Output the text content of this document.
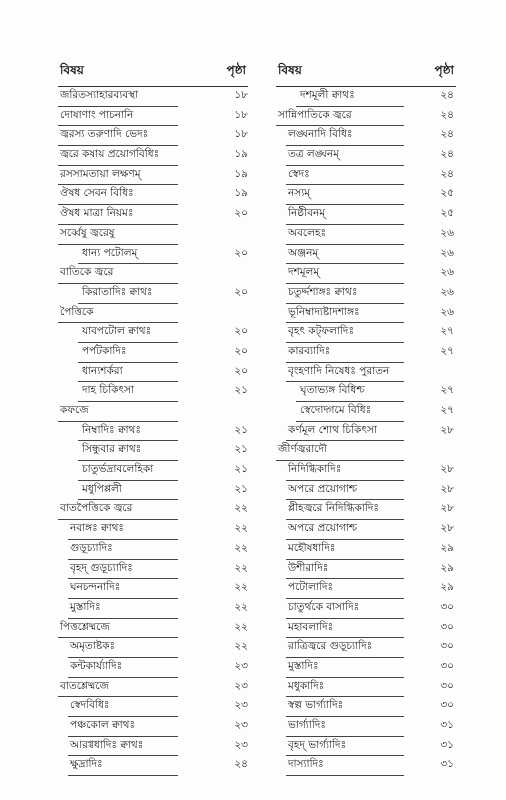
বিষয়	পৃষ্ঠা
জরিতস্যাহারব্যবস্থা	১৮
দোষাণাং পাচনানি	১৮
জ্বরস্য তরুণাদি ভেদঃ	১৮
জ্বরে কষায় প্রয়োগবিধিঃ	১৯
রসসামতায়া লক্ষণম্	১৯
ঔষধ সেবন বিধিঃ	১৯
ঔষধ মাত্রা নিয়মঃ	২০
সর্ব্বেষু জ্বরেষু
ধান্য পটোলম্	২০
বাতিকে জ্বরে
কিরাতাদিঃ ক্বাথঃ	২০
পৈত্তিকে
যাবপটোল ক্বাথঃ	২০
পর্পটকাদিঃ	২০
ধান্যশর্করা	২০
দাহ চিকিৎসা	২১
কফজে
নিম্বাদিঃ ক্বাথঃ	২১
সিন্ধুবার ক্বাথঃ	২১
চাতুর্ভদ্রাবলেহিকা	২১
মধুপিপ্পলী	২১
বাতপৈত্তিকে জ্বরে	২২
নবাঙ্গঃ ক্বাথঃ	২২
গুড়ূচ্যাদিঃ	২২
বৃহদ্ গুড়ূচ্যাদিঃ	২২
ঘনচন্দনাদিঃ	২২
মুস্তাদিঃ	২২
পিত্তশ্লেষ্মজে	২২
অমৃতাষ্টকঃ	২২
কন্টকার্য্যাদিঃ	২৩
বাতশ্লেষ্মজে	২৩
স্বেদবিধিঃ	২৩
পঞ্চকোল ক্বাথঃ	২৩
আরগ্বধাদিঃ ক্বাথঃ	২৩
ক্ষুদ্রাদিঃ	২৪
বিষয়	পৃষ্ঠা
দশমূলী ক্বাথঃ	২৪
সান্নিপাতিকে জ্বরে	২৪
লঙ্ঘনাদি বিধিঃ	২৪
তত্র লঙ্ঘনম্	২৪
স্বেদঃ	২৪
নস্যম্	২৫
নিষ্ঠীবনম্	২৫
অবলেহঃ	২৬
অঞ্জনম্	২৬
দশমূলম্	২৬
চতুর্দ্দশাঙ্গঃ ক্বাথঃ	২৬
ভূনিম্বাদ্যষ্টাদশাঙ্গঃ	২৬
বৃহৎ কট্ফলাদিঃ	২৭
কারব্যাদিঃ	২৭
বৃংহণাদি নিষেধঃ পুরাতন
ঘৃতাভ্যঙ্গ বিধিশ্চ	২৭
স্বেদোদ্গমে বিধিঃ	২৭
কর্ণমূল শোথ চিকিৎসা	২৮
জীর্ণজ্বরাদৌ
নিদিগ্ধিকাদিঃ	২৮
অপরে প্রয়োগাশ্চ	২৮
প্লীহজ্বরে নিদিগ্ধিকাদিঃ	২৮
অপরে প্রয়োগাশ্চ	২৮
মহৌষধাদিঃ	২৯
উশীরাদিঃ	২৯
পটোলাদিঃ	২৯
চাতুর্থকে বাসাদিঃ	৩০
মহাবলাদিঃ	৩০
রাত্রিজ্বরে গুড়ূচ্যাদিঃ	৩০
মুস্তাদিঃ	৩০
মধুকাদিঃ	৩০
স্বল্প ভার্গ্যাদিঃ	৩০
ভার্গ্যাদিঃ	৩১
বৃহদ্ ভার্গ্যাদিঃ	৩১
দাস্যাদিঃ	৩১
